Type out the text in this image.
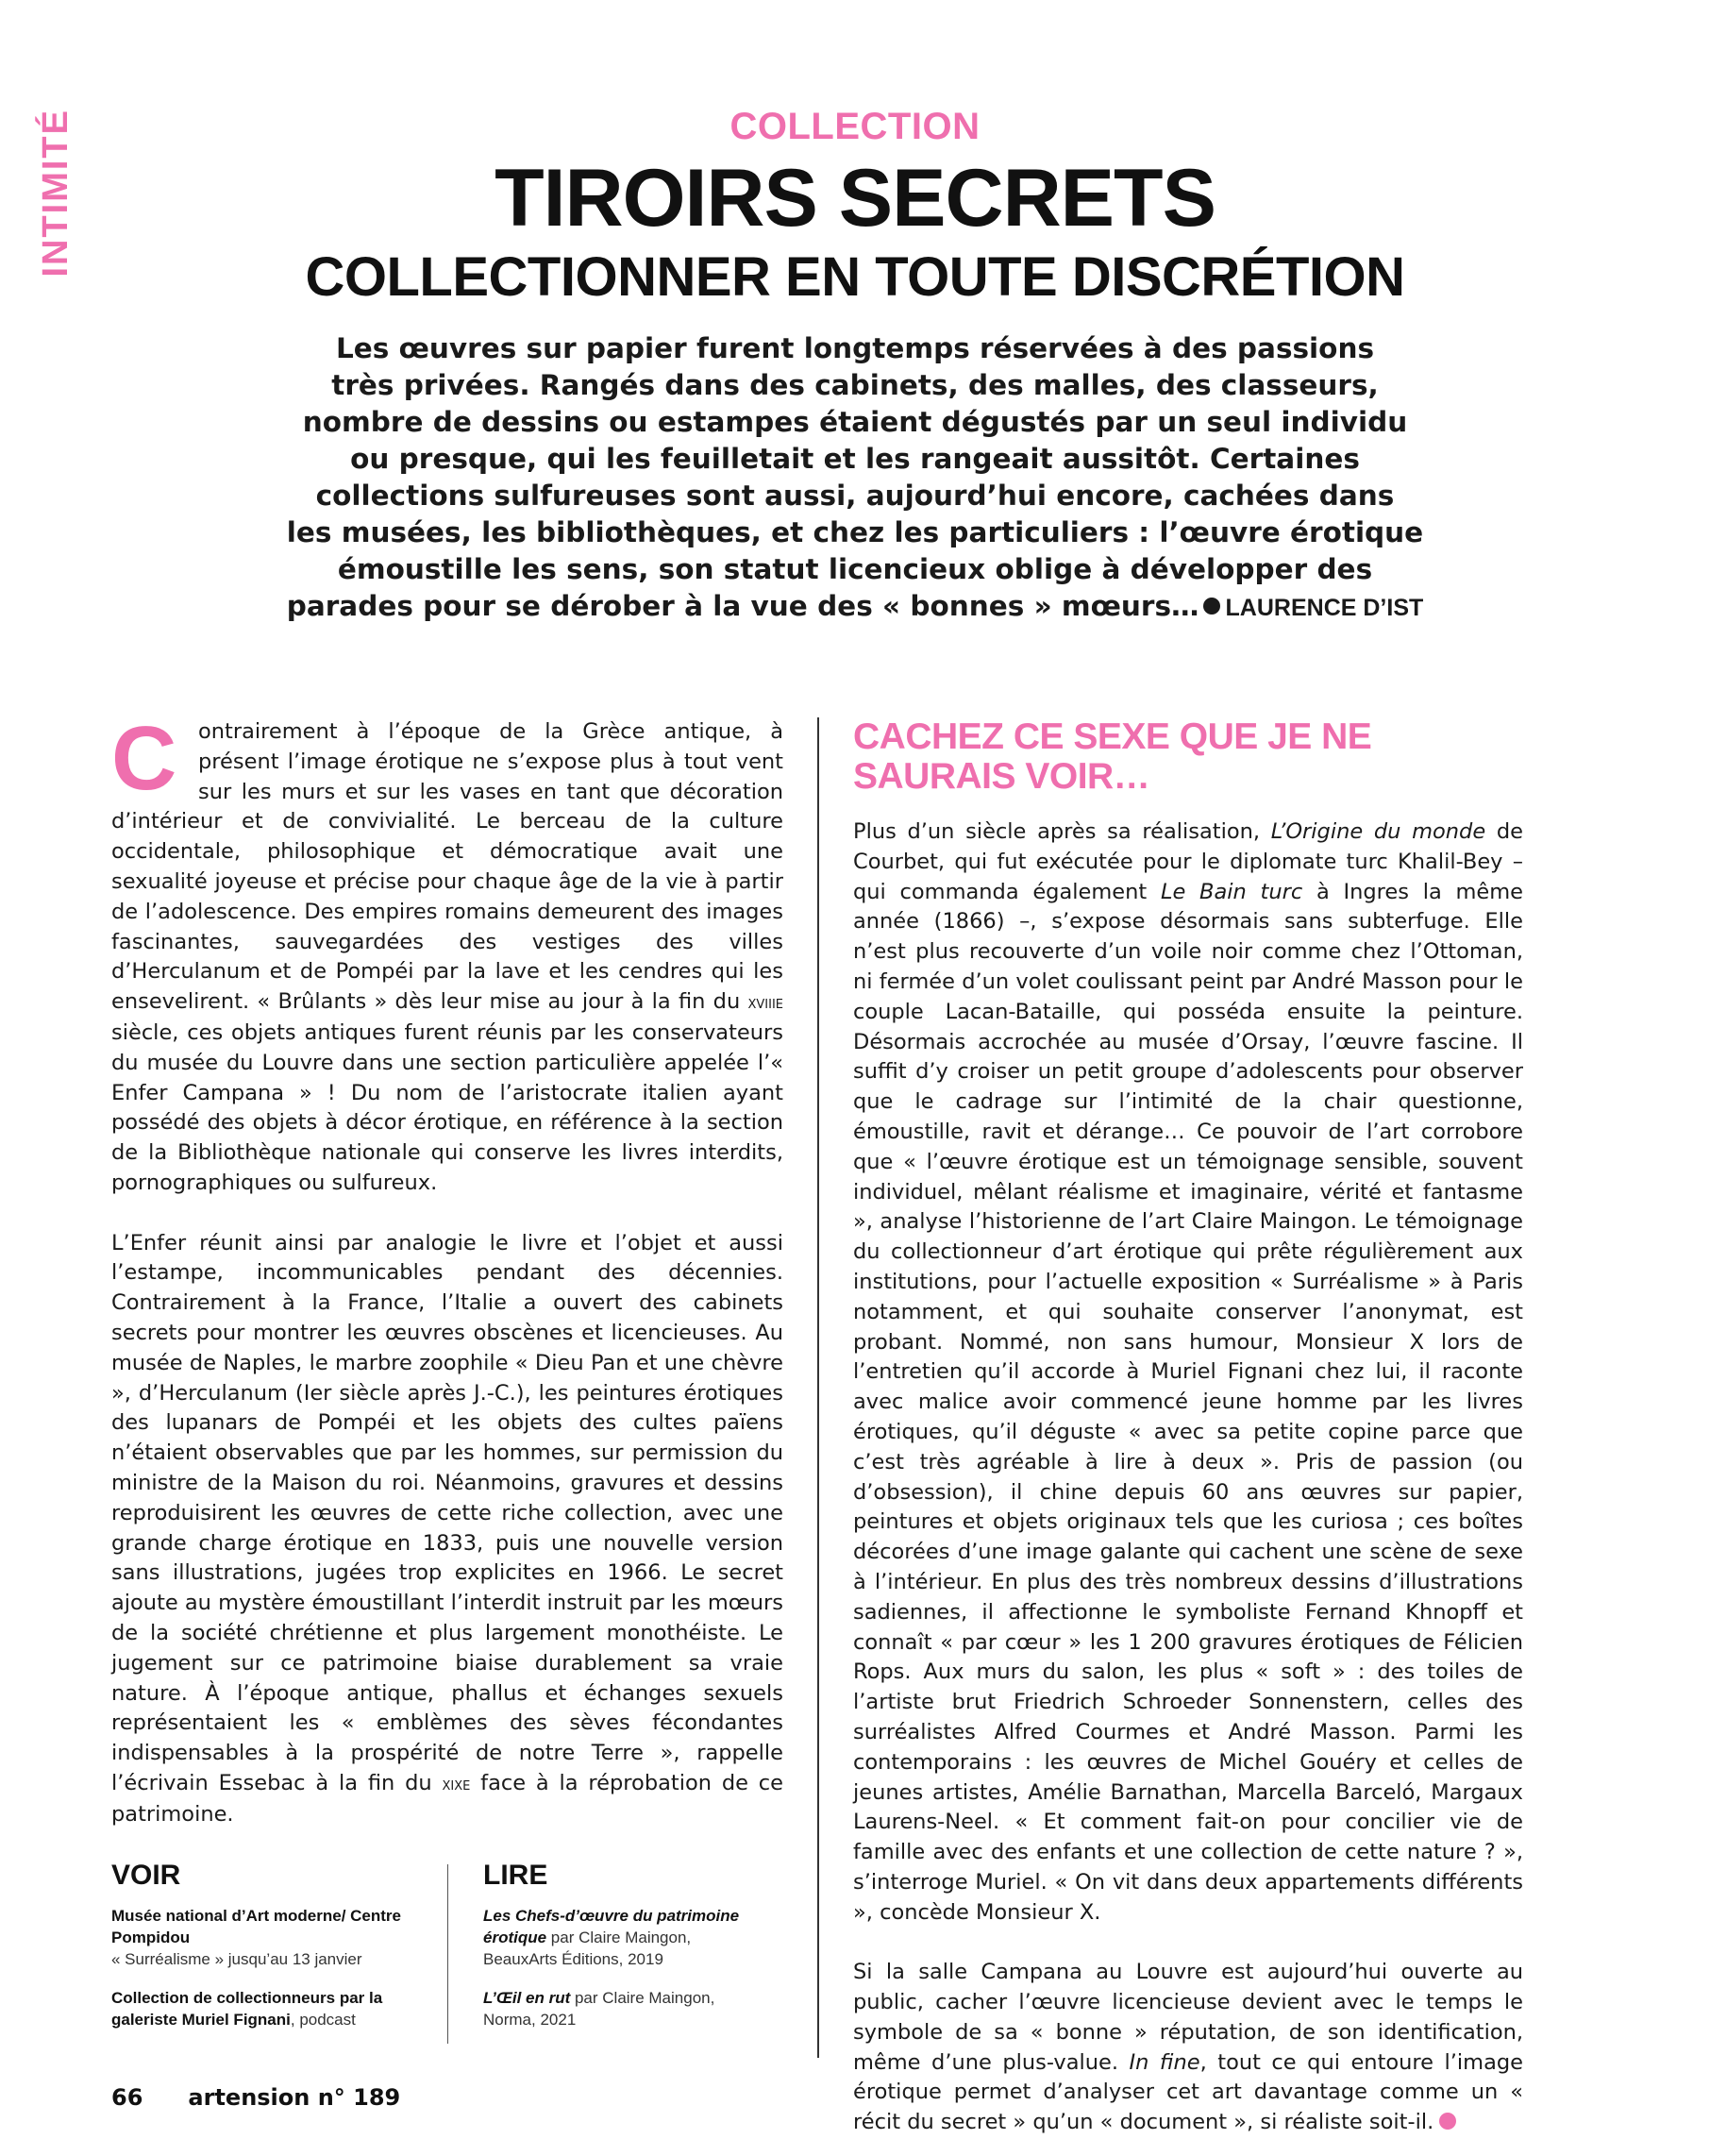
INTIMITÉ	COLLECTION
TIROIRS SECRETS
COLLECTIONNER EN TOUTE DISCRÉTION
Les œuvres sur papier furent longtemps réservées à des passions
très privées. Rangés dans des cabinets, des malles, des classeurs,
nombre de dessins ou estampes étaient dégustés par un seul individu
ou presque, qui les feuilletait et les rangeait aussitôt. Certaines
collections sulfureuses sont aussi, aujourd’hui encore, cachées dans
les musées, les bibliothèques, et chez les particuliers : l’œuvre érotique
émoustille les sens, son statut licencieux oblige à développer des
parades pour se dérober à la vue des « bonnes » mœurs… LAURENCE D’IST

C	ontrairement à l’époque de la Grèce antique, à présent l’image érotique ne s’expose plus à tout vent sur les murs et sur les vases en tant que décoration d’intérieur et de convivialité. Le berceau de la culture occidentale, philosophique et démocratique avait une sexualité joyeuse et précise pour chaque âge de la vie à partir de l’adolescence. Des empires romains demeurent des images fascinantes, sauvegardées des vestiges des villes d’Herculanum et de Pompéi par la lave et les cendres qui les ensevelirent. « Brûlants » dès leur mise au jour à la fin du xviiie siècle, ces objets antiques furent réunis par les conservateurs du musée du Louvre dans une section particulière appelée l’« Enfer Campana » ! Du nom de l’aristocrate italien ayant possédé des objets à décor érotique, en référence à la section de la Bibliothèque nationale qui conserve les livres interdits, pornographiques ou sulfureux.

L’Enfer réunit ainsi par analogie le livre et l’objet et aussi l’estampe, incommunicables pendant des décennies. Contrairement à la France, l’Italie a ouvert des cabinets secrets pour montrer les œuvres obscènes et licencieuses. Au musée de Naples, le marbre zoophile « Dieu Pan et une chèvre », d’Herculanum (Ier siècle après J.-C.), les peintures érotiques des lupanars de Pompéi et les objets des cultes païens n’étaient observables que par les hommes, sur permission du ministre de la Maison du roi. Néanmoins, gravures et dessins reproduisirent les œuvres de cette riche collection, avec une grande charge érotique en 1833, puis une nouvelle version sans illustrations, jugées trop explicites en 1966. Le secret ajoute au mystère émoustillant l’interdit instruit par les mœurs de la société chrétienne et plus largement monothéiste. Le jugement sur ce patrimoine biaise durablement sa vraie nature. À l’époque antique, phallus et échanges sexuels représentaient les « emblèmes des sèves fécondantes indispensables à la prospérité de notre Terre », rappelle l’écrivain Essebac à la fin du xixe face à la réprobation de ce patrimoine.

CACHEZ CE SEXE QUE JE NE SAURAIS VOIR…

Plus d’un siècle après sa réalisation, L’Origine du monde de Courbet, qui fut exécutée pour le diplomate turc Khalil-Bey – qui commanda également Le Bain turc à Ingres la même année (1866) –, s’expose désormais sans subterfuge. Elle n’est plus recouverte d’un voile noir comme chez l’Ottoman, ni fermée d’un volet coulissant peint par André Masson pour le couple Lacan-Bataille, qui posséda ensuite la peinture. Désormais accrochée au musée d’Orsay, l’œuvre fascine. Il suffit d’y croiser un petit groupe d’adolescents pour observer que le cadrage sur l’intimité de la chair questionne, émoustille, ravit et dérange… Ce pouvoir de l’art corrobore que « l’œuvre érotique est un témoignage sensible, souvent individuel, mêlant réalisme et imaginaire, vérité et fantasme », analyse l’historienne de l’art Claire Maingon. Le témoignage du collectionneur d’art érotique qui prête régulièrement aux institutions, pour l’actuelle exposition « Surréalisme » à Paris notamment, et qui souhaite conserver l’anonymat, est probant. Nommé, non sans humour, Monsieur X lors de l’entretien qu’il accorde à Muriel Fignani chez lui, il raconte avec malice avoir commencé jeune homme par les livres érotiques, qu’il déguste « avec sa petite copine parce que c’est très agréable à lire à deux ». Pris de passion (ou d’obsession), il chine depuis 60 ans œuvres sur papier, peintures et objets originaux tels que les curiosa ; ces boîtes décorées d’une image galante qui cachent une scène de sexe à l’intérieur. En plus des très nombreux dessins d’illustrations sadiennes, il affectionne le symboliste Fernand Khnopff et connaît « par cœur » les 1 200 gravures érotiques de Félicien Rops. Aux murs du salon, les plus « soft » : des toiles de l’artiste brut Friedrich Schroeder Sonnenstern, celles des surréalistes Alfred Courmes et André Masson. Parmi les contemporains : les œuvres de Michel Gouéry et celles de jeunes artistes, Amélie Barnathan, Marcella Barceló, Margaux Laurens-Neel. « Et comment fait-on pour concilier vie de famille avec des enfants et une collection de cette nature ? », s’interroge Muriel. « On vit dans deux appartements différents », concède Monsieur X.

Si la salle Campana au Louvre est aujourd’hui ouverte au public, cacher l’œuvre licencieuse devient avec le temps le symbole de sa « bonne » réputation, de son identification, même d’une plus-value. In fine, tout ce qui entoure l’image érotique permet d’analyser cet art davantage comme un « récit du secret » qu’un « document », si réaliste soit-il.

VOIR
Musée national d’Art moderne/ Centre Pompidou
« Surréalisme » jusqu’au 13 janvier
Collection de collectionneurs par la galeriste Muriel Fignani, podcast
LIRE
Les Chefs-d’œuvre du patrimoine érotique par Claire Maingon, BeauxArts Éditions, 2019
L’Œil en rut par Claire Maingon, Norma, 2021
66 artension n° 189
